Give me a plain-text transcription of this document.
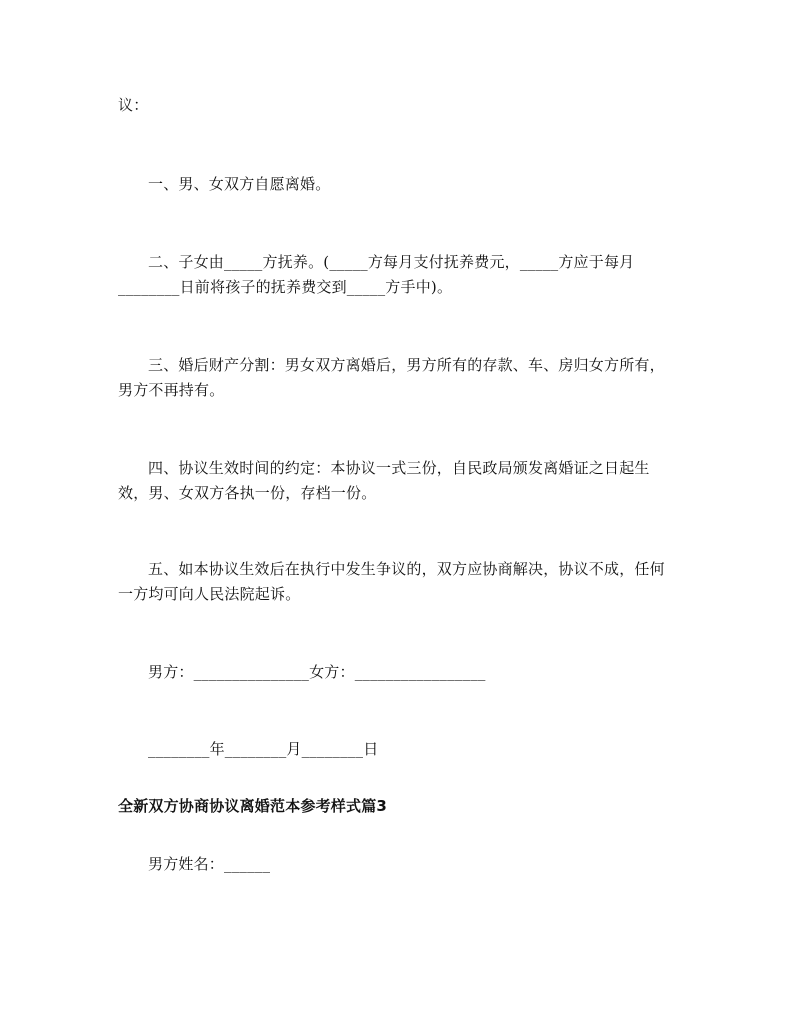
议：
一、男、女双方自愿离婚。
二、子女由_____方抚养。(_____方每月支付抚养费元，_____方应于每月
________日前将孩子的抚养费交到_____方手中)。
三、婚后财产分割：男女双方离婚后，男方所有的存款、车、房归女方所有，
男方不再持有。
四、协议生效时间的约定：本协议一式三份，自民政局颁发离婚证之日起生
效，男、女双方各执一份，存档一份。
五、如本协议生效后在执行中发生争议的，双方应协商解决，协议不成，任何
一方均可向人民法院起诉。
男方：_______________女方：_________________
________年________月________日
全新双方协商协议离婚范本参考样式篇3
男方姓名：______
